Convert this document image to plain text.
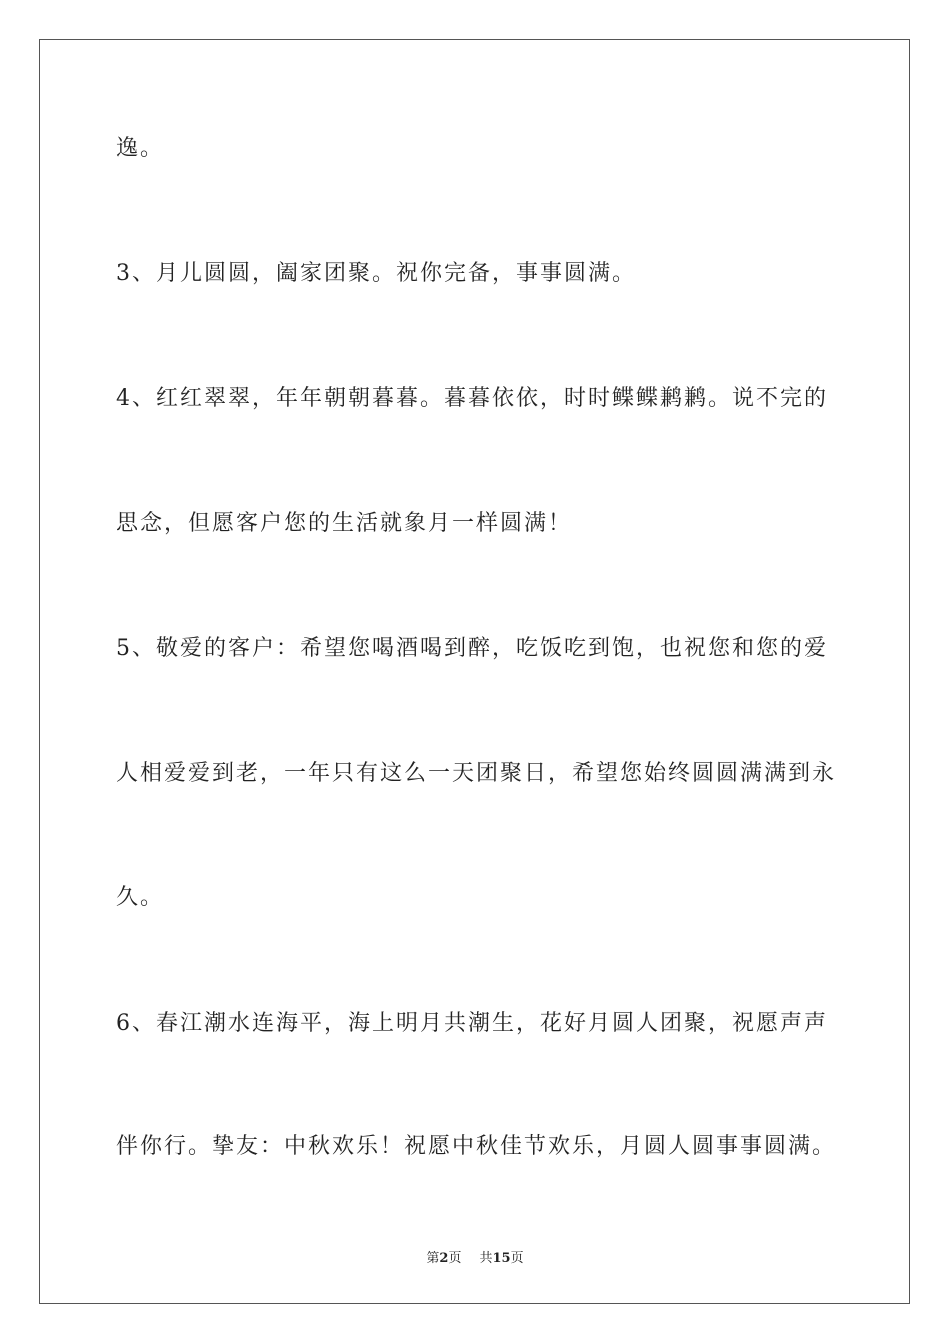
逸。
3、月儿圆圆，阖家团聚。祝你完备，事事圆满。
4、红红翠翠，年年朝朝暮暮。暮暮依依，时时鲽鲽鹣鹣。说不完的
思念，但愿客户您的生活就象月一样圆满！
5、敬爱的客户：希望您喝酒喝到醉，吃饭吃到饱，也祝您和您的爱
人相爱爱到老，一年只有这么一天团聚日，希望您始终圆圆满满到永
久。
6、春江潮水连海平，海上明月共潮生，花好月圆人团聚，祝愿声声
伴你行。挚友：中秋欢乐！祝愿中秋佳节欢乐，月圆人圆事事圆满。
第2页 共15页
